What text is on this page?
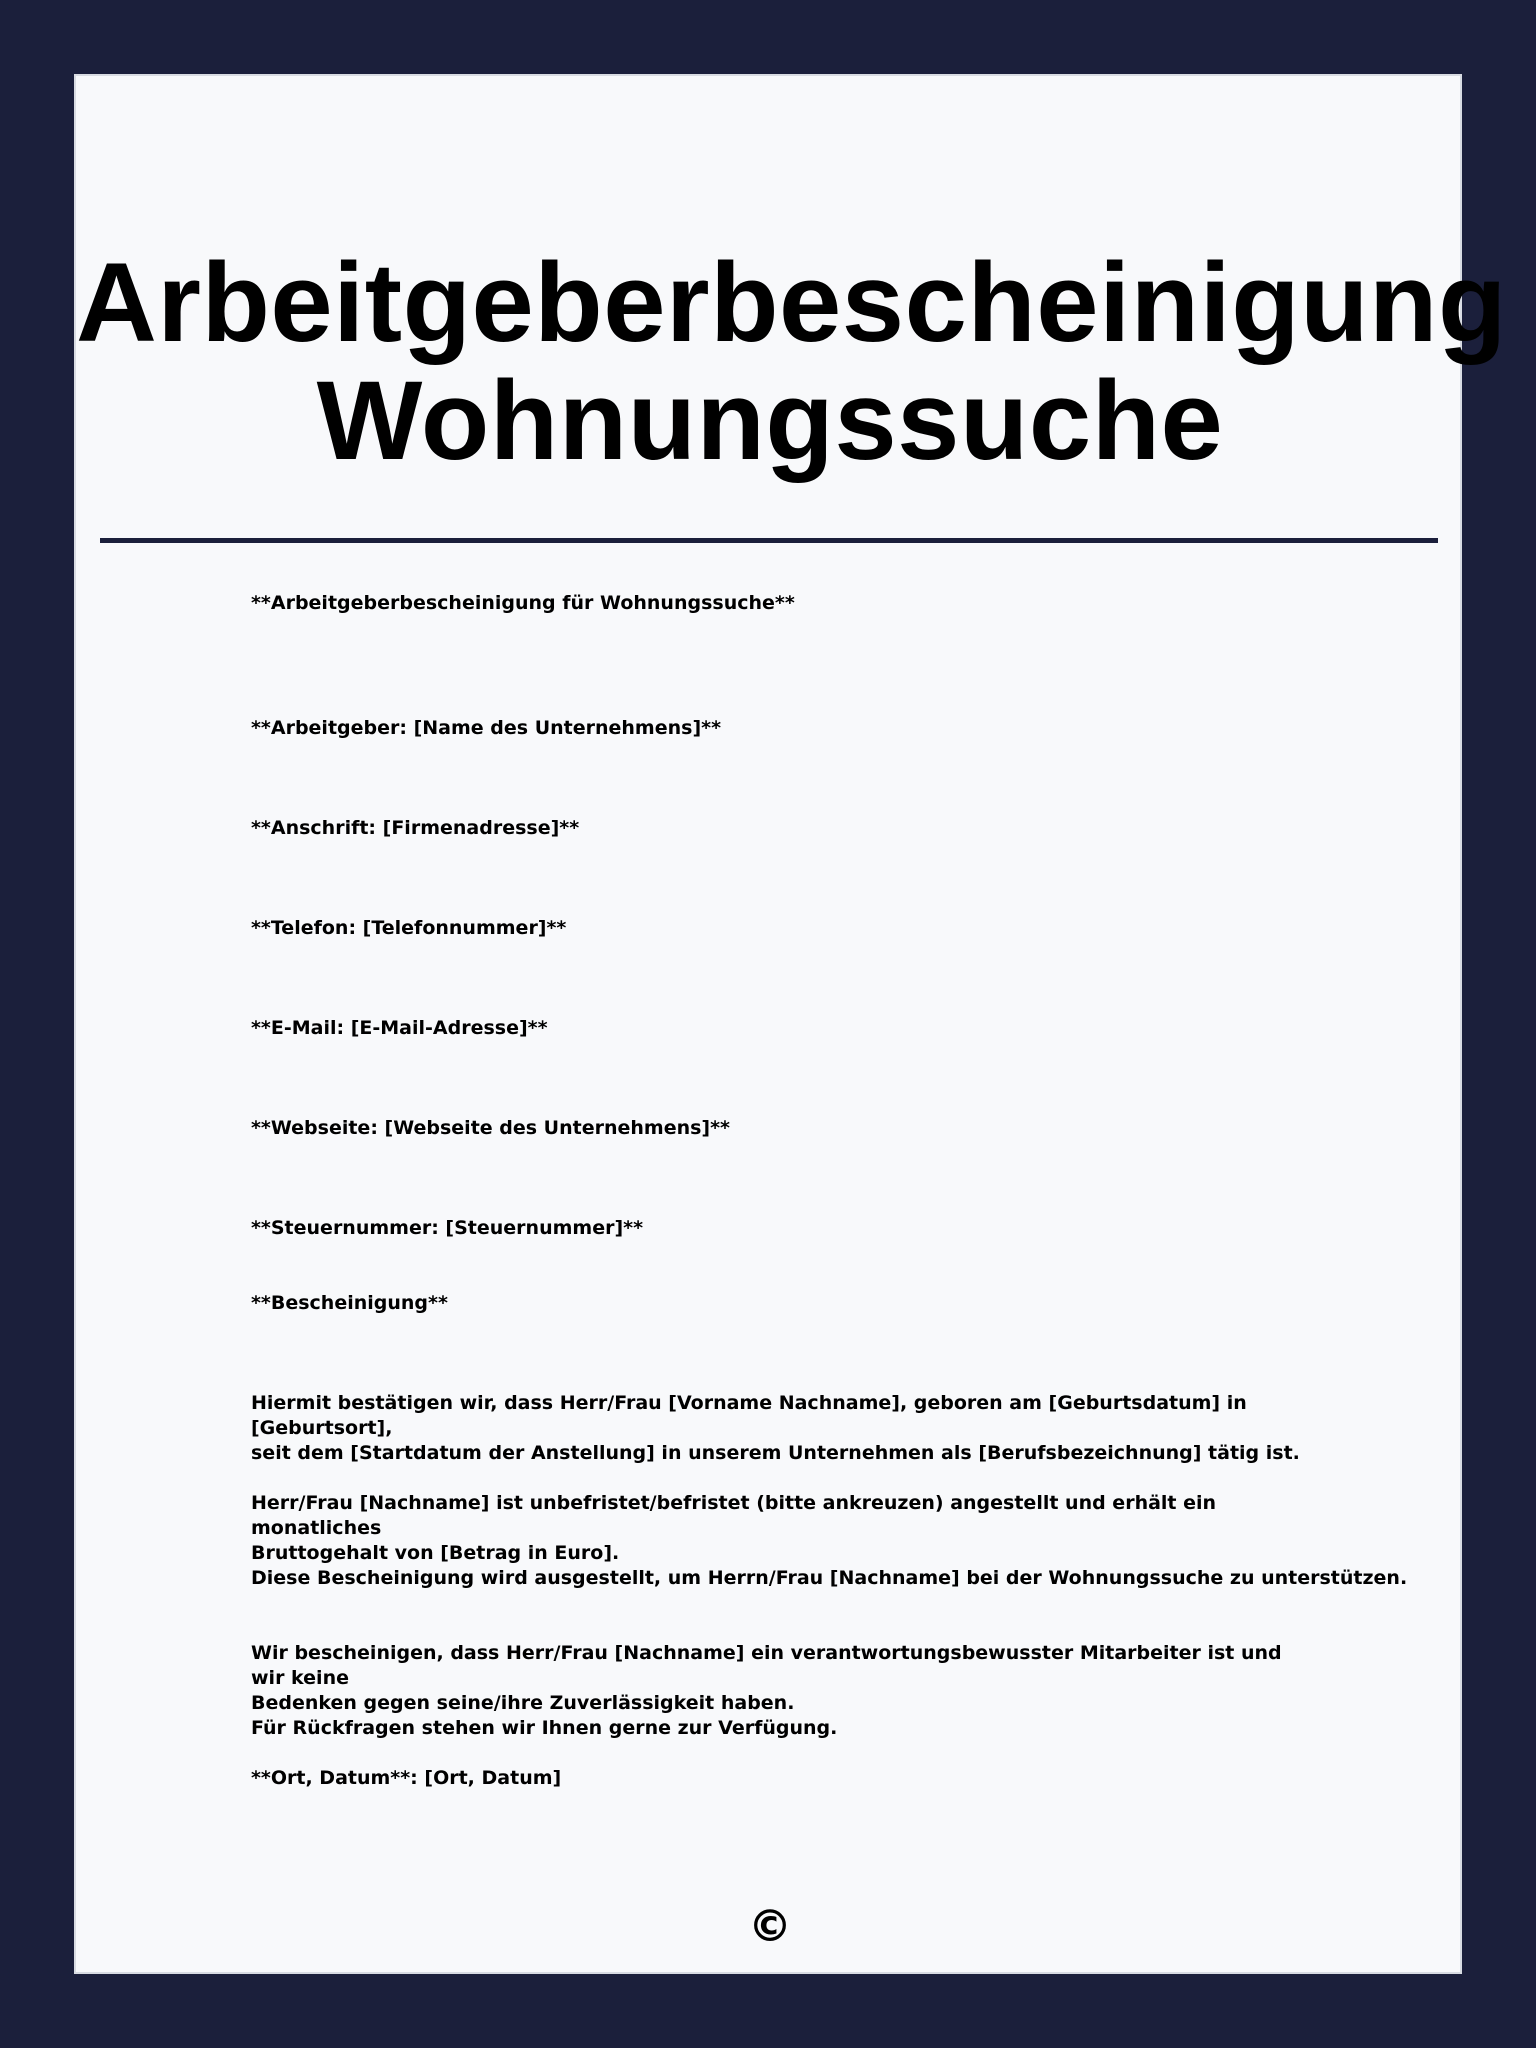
Arbeitgeberbescheinigung
Wohnungssuche

**Arbeitgeberbescheinigung für Wohnungssuche**

**Arbeitgeber: [Name des Unternehmens]**

**Anschrift: [Firmenadresse]**

**Telefon: [Telefonnummer]**

**E-Mail: [E-Mail-Adresse]**

**Webseite: [Webseite des Unternehmens]**

**Steuernummer: [Steuernummer]**

**Bescheinigung**

Hiermit bestätigen wir, dass Herr/Frau [Vorname Nachname], geboren am [Geburtsdatum] in [Geburtsort],
seit dem [Startdatum der Anstellung] in unserem Unternehmen als [Berufsbezeichnung] tätig ist.
Herr/Frau [Nachname] ist unbefristet/befristet (bitte ankreuzen) angestellt und erhält ein monatliches
Bruttogehalt von [Betrag in Euro].

Diese Bescheinigung wird ausgestellt, um Herrn/Frau [Nachname] bei der Wohnungssuche zu unterstützen.

Wir bescheinigen, dass Herr/Frau [Nachname] ein verantwortungsbewusster Mitarbeiter ist und wir keine
Bedenken gegen seine/ihre Zuverlässigkeit haben.

Für Rückfragen stehen wir Ihnen gerne zur Verfügung.

**Ort, Datum**: [Ort, Datum]

©
